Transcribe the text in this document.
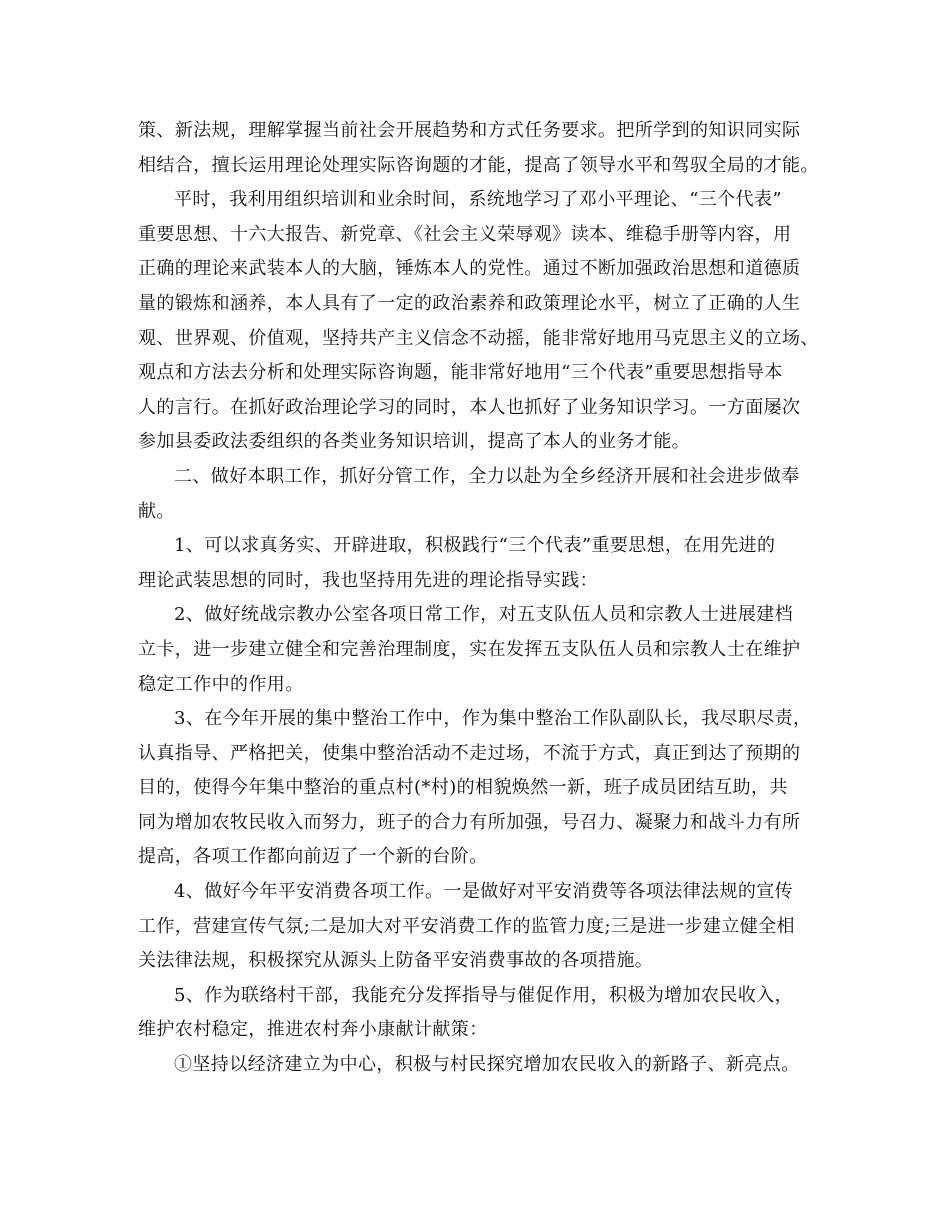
策、新法规，理解掌握当前社会开展趋势和方式任务要求。把所学到的知识同实际
相结合，擅长运用理论处理实际咨询题的才能，提高了领导水平和驾驭全局的才能。
平时，我利用组织培训和业余时间，系统地学习了邓小平理论、“三个代表”
重要思想、十六大报告、新党章、《社会主义荣辱观》读本、维稳手册等内容，用
正确的理论来武装本人的大脑，锤炼本人的党性。通过不断加强政治思想和道德质
量的锻炼和涵养，本人具有了一定的政治素养和政策理论水平，树立了正确的人生
观、世界观、价值观，坚持共产主义信念不动摇，能非常好地用马克思主义的立场、
观点和方法去分析和处理实际咨询题，能非常好地用“三个代表”重要思想指导本
人的言行。在抓好政治理论学习的同时，本人也抓好了业务知识学习。一方面屡次
参加县委政法委组织的各类业务知识培训，提高了本人的业务才能。
二、做好本职工作，抓好分管工作，全力以赴为全乡经济开展和社会进步做奉
献。
1、可以求真务实、开辟进取，积极践行“三个代表”重要思想，在用先进的
理论武装思想的同时，我也坚持用先进的理论指导实践：
2、做好统战宗教办公室各项日常工作，对五支队伍人员和宗教人士进展建档
立卡，进一步建立健全和完善治理制度，实在发挥五支队伍人员和宗教人士在维护
稳定工作中的作用。
3、在今年开展的集中整治工作中，作为集中整治工作队副队长，我尽职尽责，
认真指导、严格把关，使集中整治活动不走过场，不流于方式，真正到达了预期的
目的，使得今年集中整治的重点村(*村)的相貌焕然一新，班子成员团结互助，共
同为增加农牧民收入而努力，班子的合力有所加强，号召力、凝聚力和战斗力有所
提高，各项工作都向前迈了一个新的台阶。
4、做好今年平安消费各项工作。一是做好对平安消费等各项法律法规的宣传
工作，营建宣传气氛;二是加大对平安消费工作的监管力度;三是进一步建立健全相
关法律法规，积极探究从源头上防备平安消费事故的各项措施。
5、作为联络村干部，我能充分发挥指导与催促作用，积极为增加农民收入，
维护农村稳定，推进农村奔小康献计献策：
①坚持以经济建立为中心，积极与村民探究增加农民收入的新路子、新亮点。
